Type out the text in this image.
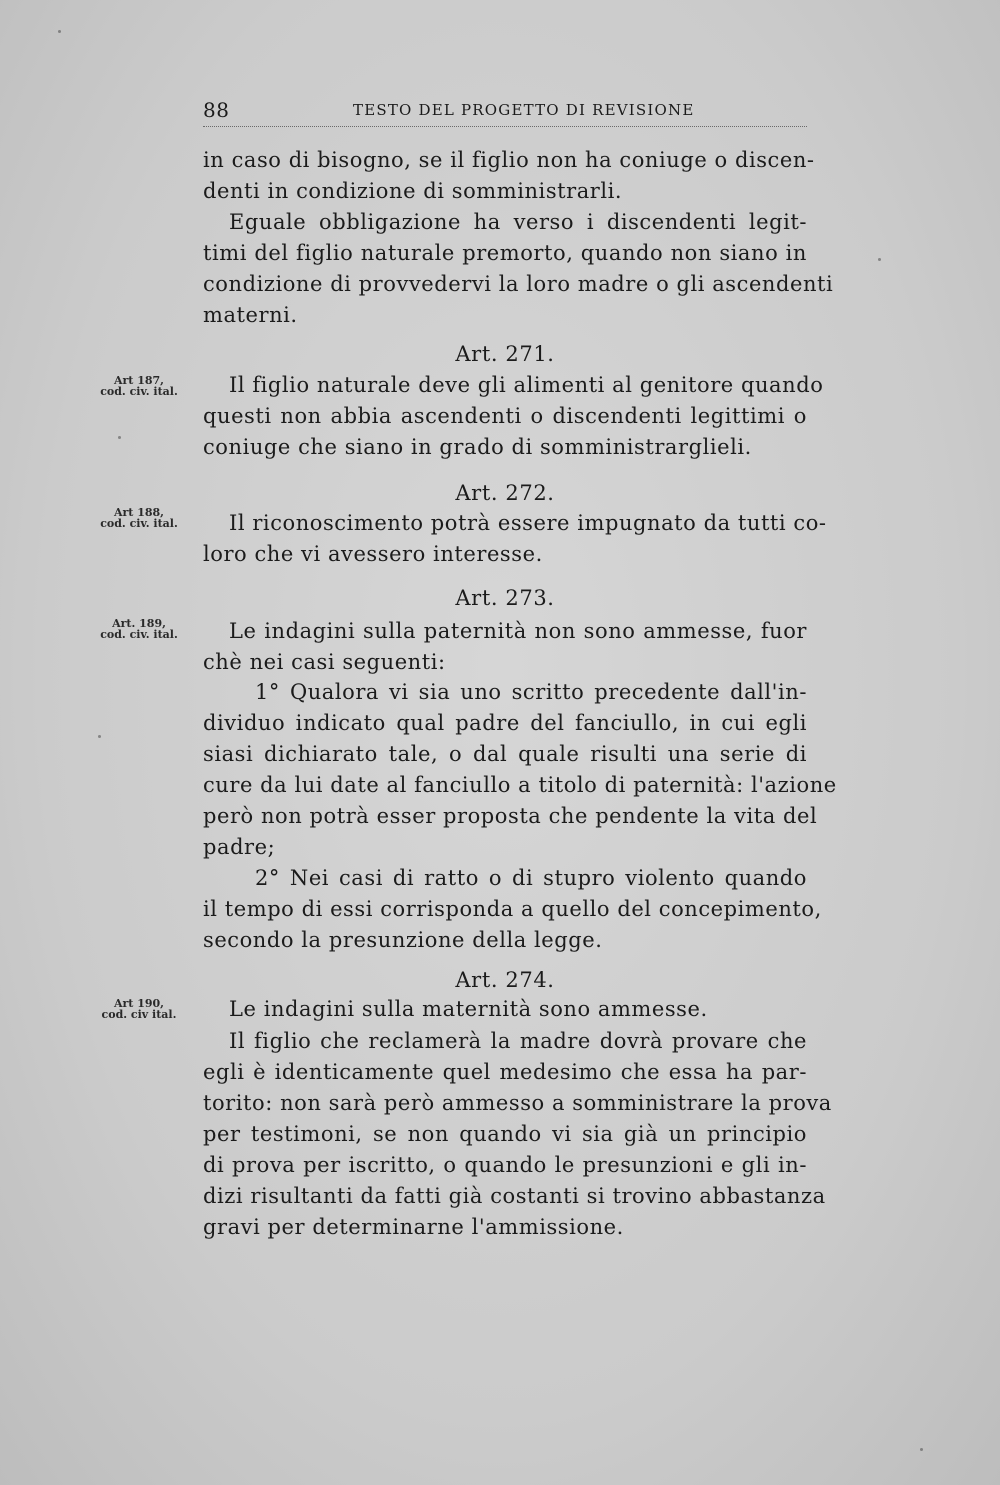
88	TESTO DEL PROGETTO DI REVISIONE
in caso di bisogno, se il figlio non ha coniuge o discen-
denti in condizione di somministrarli.
Eguale obbligazione ha verso i discendenti legit-
timi del figlio naturale premorto, quando non siano in
condizione di provvedervi la loro madre o gli ascendenti
materni.
Art. 271.
Art 187,
cod. civ. ital.	Il figlio naturale deve gli alimenti al genitore quando
questi non abbia ascendenti o discendenti legittimi o
coniuge che siano in grado di somministrarglieli.
Art. 272.
Art 188,
cod. civ. ital.	Il riconoscimento potrà essere impugnato da tutti co-
loro che vi avessero interesse.
Art. 273.
Art. 189,
cod. civ. ital.	Le indagini sulla paternità non sono ammesse, fuor
chè nei casi seguenti:
1° Qualora vi sia uno scritto precedente dall'in-
dividuo indicato qual padre del fanciullo, in cui egli
siasi dichiarato tale, o dal quale risulti una serie di
cure da lui date al fanciullo a titolo di paternità: l'azione
però non potrà esser proposta che pendente la vita del
padre;
2° Nei casi di ratto o di stupro violento quando
il tempo di essi corrisponda a quello del concepimento,
secondo la presunzione della legge.
Art. 274.
Art 190,
cod. civ ital.	Le indagini sulla maternità sono ammesse.
Il figlio che reclamerà la madre dovrà provare che
egli è identicamente quel medesimo che essa ha par-
torito: non sarà però ammesso a somministrare la prova
per testimoni, se non quando vi sia già un principio
di prova per iscritto, o quando le presunzioni e gli in-
dizi risultanti da fatti già costanti si trovino abbastanza
gravi per determinarne l'ammissione.
